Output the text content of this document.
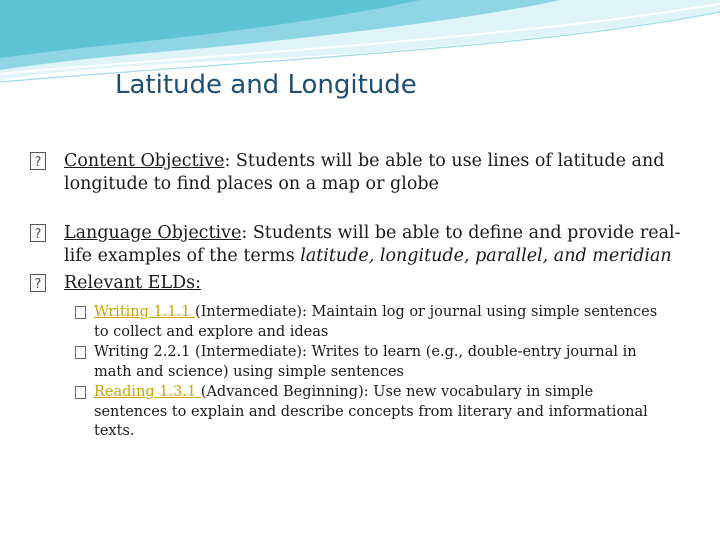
Latitude and Longitude
?
Content Objective: Students will be able to use lines of latitude and longitude to find places on a map or globe
?
Language Objective: Students will be able to define and provide real-life examples of the terms latitude, longitude, parallel, and meridian
?
Relevant ELDs:
Writing 1.1.1 (Intermediate): Maintain log or journal using simple sentences to collect and explore and ideas
Writing 2.2.1 (Intermediate): Writes to learn (e.g., double-entry journal in math and science) using simple sentences
Reading 1.3.1 (Advanced Beginning): Use new vocabulary in simple sentences to explain and describe concepts from literary and informational texts.
